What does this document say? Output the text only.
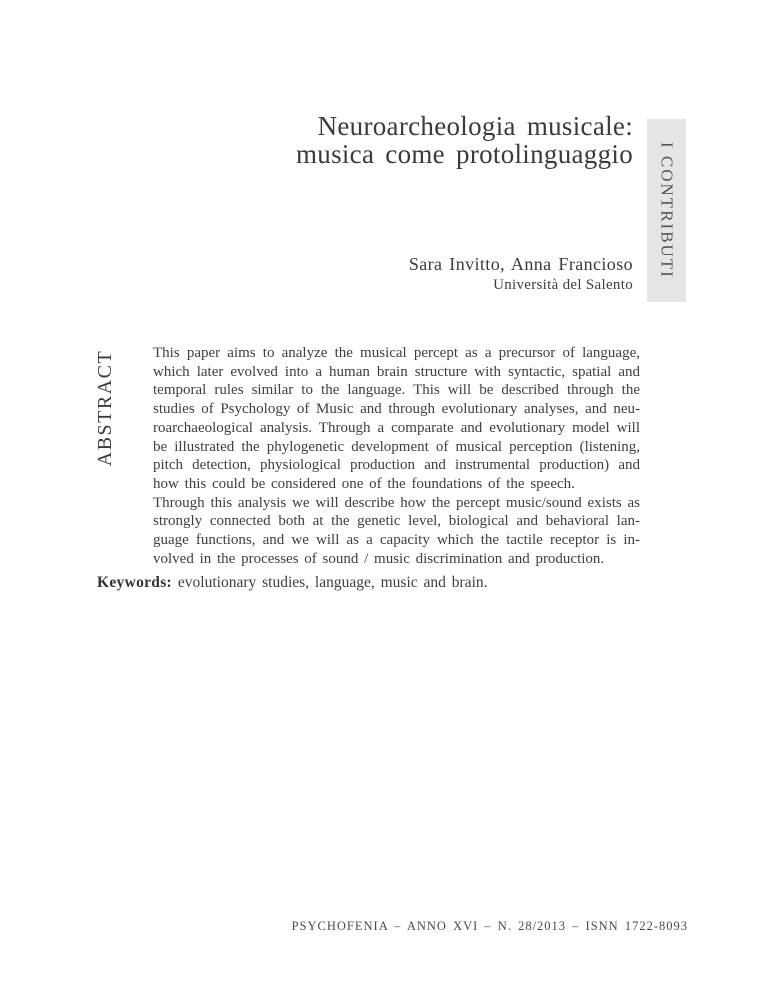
Neuroarcheologia musicale:
musica come protolinguaggio I CONTRIBUTI
Sara Invitto, Anna Francioso
Università del Salento
ABSTRACT This paper aims to analyze the musical percept as a precursor of language,
which later evolved into a human brain structure with syntactic, spatial and
temporal rules similar to the language. This will be described through the
studies of Psychology of Music and through evolutionary analyses, and neu-
roarchaeological analysis. Through a comparate and evolutionary model will
be illustrated the phylogenetic development of musical perception (listening,
pitch detection, physiological production and instrumental production) and
how this could be considered one of the foundations of the speech.
Through this analysis we will describe how the percept music/sound exists as
strongly connected both at the genetic level, biological and behavioral lan-
guage functions, and we will as a capacity which the tactile receptor is in-
volved in the processes of sound / music discrimination and production.
Keywords: evolutionary studies, language, music and brain.
PSYCHOFENIA – ANNO XVI – N. 28/2013 – ISNN 1722-8093
